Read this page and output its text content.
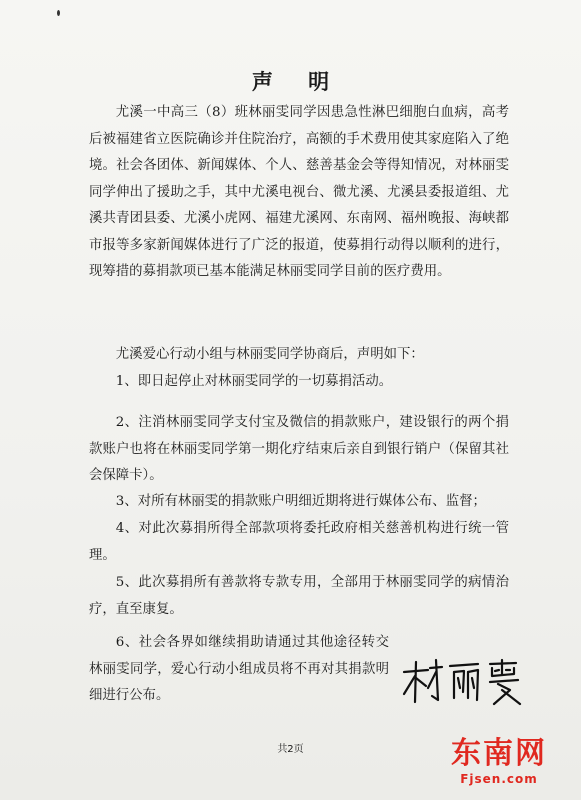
声 明

尤溪一中高三（8）班林丽雯同学因患急性淋巴细胞白血病，高考后被福建省立医院确诊并住院治疗，高额的手术费用使其家庭陷入了绝境。社会各团体、新闻媒体、个人、慈善基金会等得知情况，对林丽雯同学伸出了援助之手，其中尤溪电视台、微尤溪、尤溪县委报道组、尤溪共青团县委、尤溪小虎网、福建尤溪网、东南网、福州晚报、海峡都市报等多家新闻媒体进行了广泛的报道，使募捐行动得以顺利的进行，现筹措的募捐款项已基本能满足林丽雯同学目前的医疗费用。

尤溪爱心行动小组与林丽雯同学协商后，声明如下：

1、即日起停止对林丽雯同学的一切募捐活动。

2、注消林丽雯同学支付宝及微信的捐款账户，建设银行的两个捐款账户也将在林丽雯同学第一期化疗结束后亲自到银行销户（保留其社会保障卡）。

3、对所有林丽雯的捐款账户明细近期将进行媒体公布、监督；

4、对此次募捐所得全部款项将委托政府相关慈善机构进行统一管理。

5、此次募捐所有善款将专款专用，全部用于林丽雯同学的病情治疗，直至康复。

6、社会各界如继续捐助请通过其他途径转交林丽雯同学，爱心行动小组成员将不再对其捐款明细进行公布。

共2页	东南网
Fjsen.com
